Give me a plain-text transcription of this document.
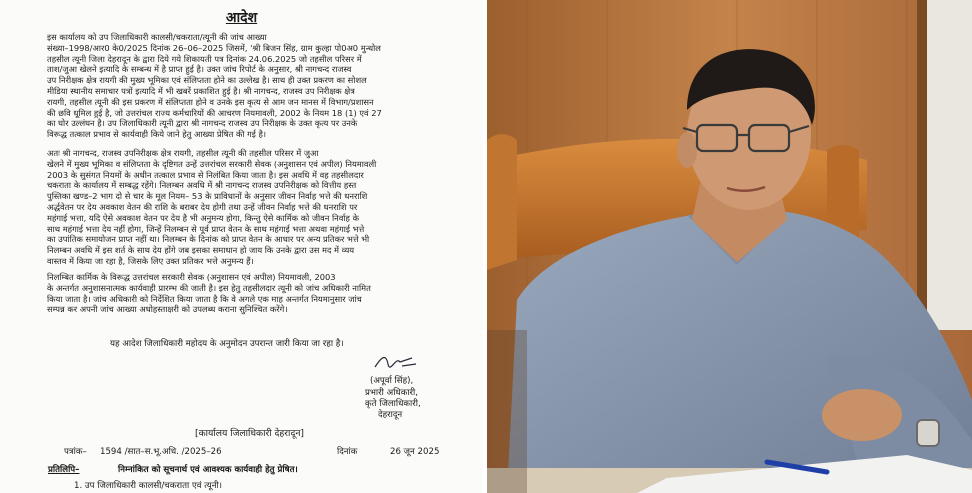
आदेश
इस कार्यालय को उप जिलाधिकारी कालसी/चकराता/त्यूनी की जांच आख्या
संख्या–1998/आर0 के0/2025 दिनांक 26–06–2025 जिसमें, 'श्री बिजन सिंह, ग्राम कुल्हा पो0अ0 मुन्धोल
तहसील त्यूनी जिला देहरादून के द्वारा दिये गये शिकायती पत्र दिनांक 24.06.2025 जो तहसील परिसर में
ताश/जुआ खेलने इत्यादि के सम्बन्ध में है प्राप्त हुई है। उक्त जांच रिपोर्ट के अनुसार, श्री नागचन्द राजस्व
उप निरीक्षक क्षेत्र रायगी की मुख्य भूमिका एवं संलिप्तता होने का उल्लेख है। साथ ही उक्त प्रकरण का सोशल
मीडिया स्थानीय समाचार पत्रों इत्यादि में भी खबरें प्रकाशित हुई है। श्री नागचन्द, राजस्व उप निरीक्षक क्षेत्र
रायगी, तहसील त्यूनी की इस प्रकरण में संलिप्तता होने व उनके इस कृत्य से आम जन मानस में विभाग/प्रशासन
की छवि धूमिल हुई है, जो उत्तरांचल राज्य कर्मचारियों की आचरण नियमावली, 2002 के नियम 18 (1) एवं 27
का घोर उल्लंघन है। उप जिलाधिकारी त्यूनी द्वारा श्री नागचन्द राजस्व उप निरीक्षक के उक्त कृत्य पर उनके
विरूद्ध तत्काल प्रभाव से कार्यवाही किये जाने हेतु आख्या प्रेषित की गई है।
अतः श्री नागचन्द, राजस्व उपनिरीक्षक क्षेत्र रायगी, तहसील त्यूनी की तहसील परिसर में जुआ
खेलने में मुख्य भूमिका व संलिप्तता के दृष्टिगत उन्हें उत्तरांचल सरकारी सेवक (अनुशासन एवं अपील) नियमावली
2003 के सुसंगत नियमों के अधीन तत्काल प्रभाव से निलंबित किया जाता है। इस अवधि में वह तहसीलदार
चकराता के कार्यालय में सम्बद्ध रहेंगे। निलम्बन अवधि में श्री नागचन्द राजस्व उपनिरीक्षक को वित्तीय हस्त
पुस्तिका खण्ड–2 भाग दो से चार के मूल नियम– 53 के प्राविधानों के अनुसार जीवन निर्वाह भत्ते की धनराशि
अर्द्धवेतन पर देय अवकाश वेतन की राशि के बराबर देय होगी तथा उन्हें जीवन निर्वाह भत्ते की धनराशि पर
महंगाई भत्ता, यदि ऐसे अवकाश वेतन पर देय है भी अनुमन्य होगा, किन्तु ऐसे कार्मिक को जीवन निर्वाह के
साथ महंगाई भत्ता देय नहीं होगा, जिन्हें निलम्बन से पूर्व प्राप्त वेतन के साथ महंगाई भत्ता अथवा महंगाई भत्ते
का उपांतिक समायोजन प्राप्त नहीं था। निलम्बन के दिनांक को प्राप्त वेतन के आधार पर अन्य प्रतिकर भत्ते भी
निलम्बन अवधि में इस शर्त के साथ देय होंगे जब इसका समाधान हो जाय कि उनके द्वारा उस मद में व्यय
वास्तव में किया जा रहा है, जिसके लिए उक्त प्रतिकर भत्ते अनुमन्य हैं।
निलम्बित कार्मिक के विरूद्ध उत्तरांचल सरकारी सेवक (अनुशासन एवं अपील) नियमावली, 2003
के अन्तर्गत अनुशासनात्मक कार्यवाही प्रारम्भ की जाती है। इस हेतु तहसीलदार त्यूनी को जांच अधिकारी नामित
किया जाता है। जांच अधिकारी को निर्देशित किया जाता है कि वे अगले एक माह अन्तर्गत नियमानुसार जांच
सम्पन्न कर अपनी जांच आख्या अधोहस्ताक्षरी को उपलब्ध कराना सुनिश्चित करेंगे।
यह आदेश जिलाधिकारी महोदय के अनुमोदन उपरान्त जारी किया जा रहा है।
(अपूर्वा सिंह),
प्रभारी अधिकारी,
कृते जिलाधिकारी,
देहरादून
[कार्यालय जिलाधिकारी देहरादून]
पत्रांक– 1594 /सात–स.भू.अधि. /2025–26	दिनांक	26 जून 2025
प्रतिलिपि–	निम्नांकित को सूचनार्थ एवं आवश्यक कार्यवाही हेतु प्रेषित।
1. उप जिलाधिकारी कालसी/चकराता एवं त्यूनी।
